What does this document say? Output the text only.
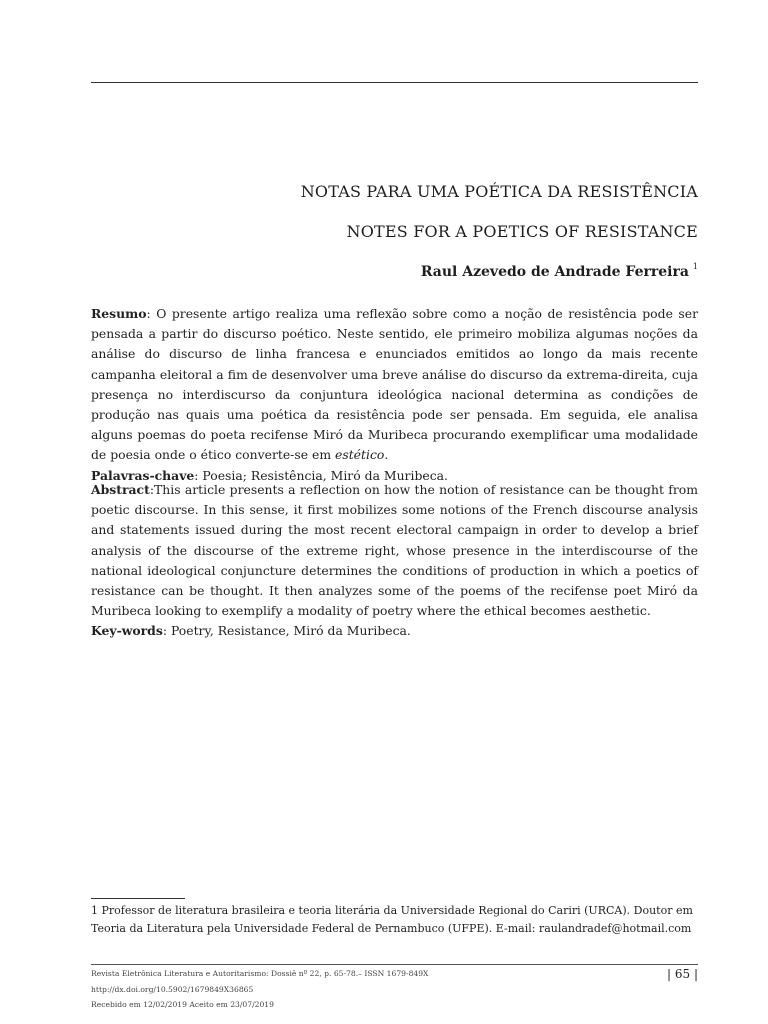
NOTAS PARA UMA POÉTICA DA RESISTÊNCIA
NOTES FOR A POETICS OF RESISTANCE
Raul Azevedo de Andrade Ferreira $^1$

Resumo: O presente artigo realiza uma reflexão sobre como a noção de resistência pode ser pensada a partir do discurso poético. Neste sentido, ele primeiro mobiliza algumas noções da análise do discurso de linha francesa e enunciados emitidos ao longo da mais recente campanha eleitoral a fim de desenvolver uma breve análise do discurso da extrema-direita, cuja presença no interdiscurso da conjuntura ideológica nacional determina as condições de produção nas quais uma poética da resistência pode ser pensada. Em seguida, ele analisa alguns poemas do poeta recifense Miró da Muribeca procurando exemplificar uma modalidade de poesia onde o ético converte-se em estético.

Palavras-chave: Poesia; Resistência, Miró da Muribeca.

Abstract:This article presents a reflection on how the notion of resistance can be thought from poetic discourse. In this sense, it first mobilizes some notions of the French discourse analysis and statements issued during the most recent electoral campaign in order to develop a brief analysis of the discourse of the extreme right, whose presence in the interdiscourse of the national ideological conjuncture determines the conditions of production in which a poetics of resistance can be thought. It then analyzes some of the poems of the recifense poet Miró da Muribeca looking to exemplify a modality of poetry where the ethical becomes aesthetic.

Key-words: Poetry, Resistance, Miró da Muribeca.

1 Professor de literatura brasileira e teoria literária da Universidade Regional do Cariri (URCA). Doutor em Teoria da Literatura pela Universidade Federal de Pernambuco (UFPE). E-mail: raulandradef@hotmail.com

Revista Eletrônica Literatura e Autoritarismo: Dossiê nº 22, p. 65-78.– ISSN 1679-849X
http://dx.doi.org/10.5902/1679849X36865
Recebido em 12/02/2019 Aceito em 23/07/2019
| 65 |
